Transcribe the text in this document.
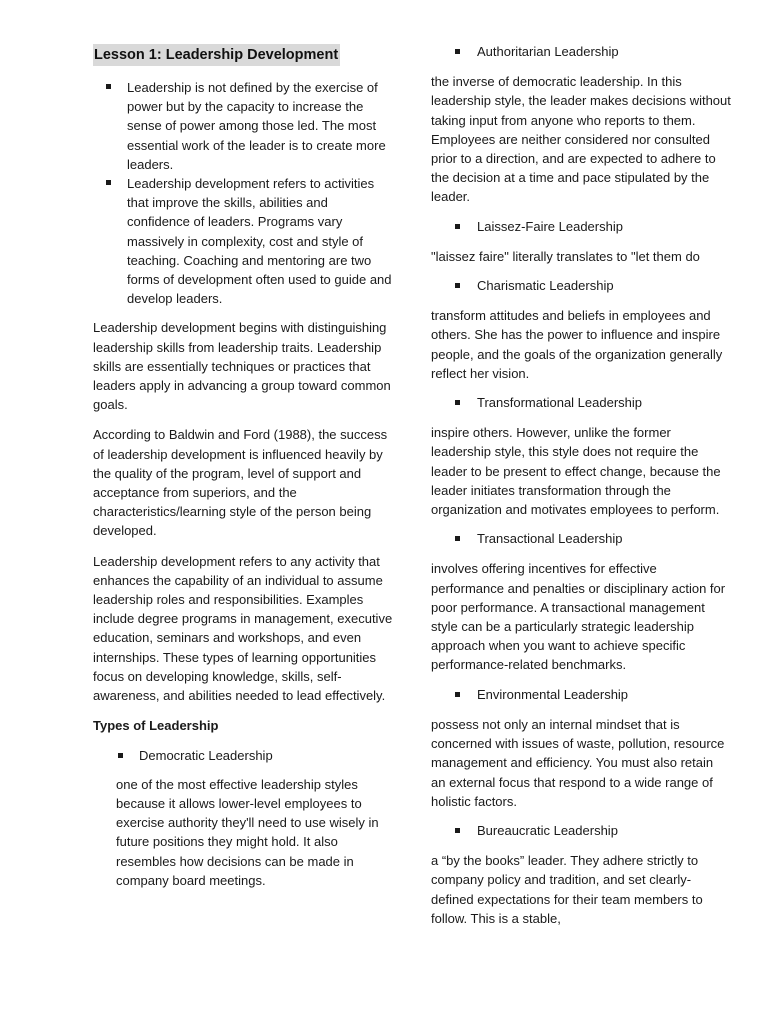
Lesson 1: Leadership Development
Leadership is not defined by the exercise of power but by the capacity to increase the sense of power among those led. The most essential work of the leader is to create more leaders.
Leadership development refers to activities that improve the skills, abilities and confidence of leaders. Programs vary massively in complexity, cost and style of teaching. Coaching and mentoring are two forms of development often used to guide and develop leaders.

Leadership development begins with distinguishing leadership skills from leadership traits. Leadership skills are essentially techniques or practices that leaders apply in advancing a group toward common goals.

According to Baldwin and Ford (1988), the success of leadership development is influenced heavily by the quality of the program, level of support and acceptance from superiors, and the characteristics/learning style of the person being developed.

Leadership development refers to any activity that enhances the capability of an individual to assume leadership roles and responsibilities. Examples include degree programs in management, executive education, seminars and workshops, and even internships. These types of learning opportunities focus on developing knowledge, skills, self-awareness, and abilities needed to lead effectively.

Types of Leadership
Democratic Leadership

one of the most effective leadership styles because it allows lower-level employees to exercise authority they'll need to use wisely in future positions they might hold. It also resembles how decisions can be made in company board meetings.

Authoritarian Leadership

the inverse of democratic leadership. In this leadership style, the leader makes decisions without taking input from anyone who reports to them. Employees are neither considered nor consulted prior to a direction, and are expected to adhere to the decision at a time and pace stipulated by the leader.

Laissez-Faire Leadership

"laissez faire" literally translates to "let them do

Charismatic Leadership

transform attitudes and beliefs in employees and others. She has the power to influence and inspire people, and the goals of the organization generally reflect her vision.

Transformational Leadership

inspire others. However, unlike the former leadership style, this style does not require the leader to be present to effect change, because the leader initiates transformation through the organization and motivates employees to perform.

Transactional Leadership

involves offering incentives for effective performance and penalties or disciplinary action for poor performance. A transactional management style can be a particularly strategic leadership approach when you want to achieve specific performance-related benchmarks.

Environmental Leadership

possess not only an internal mindset that is concerned with issues of waste, pollution, resource management and efficiency. You must also retain an external focus that respond to a wide range of holistic factors.

Bureaucratic Leadership

a “by the books” leader. They adhere strictly to company policy and tradition, and set clearly-defined expectations for their team members to follow. This is a stable,
